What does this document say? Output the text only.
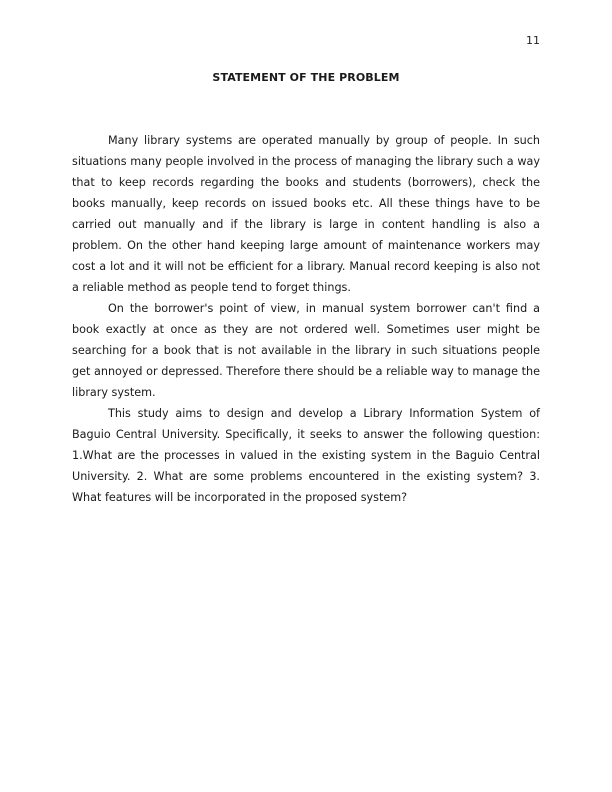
11
STATEMENT OF THE PROBLEM

Many library systems are operated manually by group of people. In such situations many people involved in the process of managing the library such a way that to keep records regarding the books and students (borrowers), check the books manually, keep records on issued books etc. All these things have to be carried out manually and if the library is large in content handling is also a problem. On the other hand keeping large amount of maintenance workers may cost a lot and it will not be efficient for a library. Manual record keeping is also not a reliable method as people tend to forget things.

On the borrower's point of view, in manual system borrower can't find a book exactly at once as they are not ordered well. Sometimes user might be searching for a book that is not available in the library in such situations people get annoyed or depressed. Therefore there should be a reliable way to manage the library system.

This study aims to design and develop a Library Information System of Baguio Central University. Specifically, it seeks to answer the following question: 1.What are the processes in valued in the existing system in the Baguio Central University. 2. What are some problems encountered in the existing system? 3. What features will be incorporated in the proposed system?
